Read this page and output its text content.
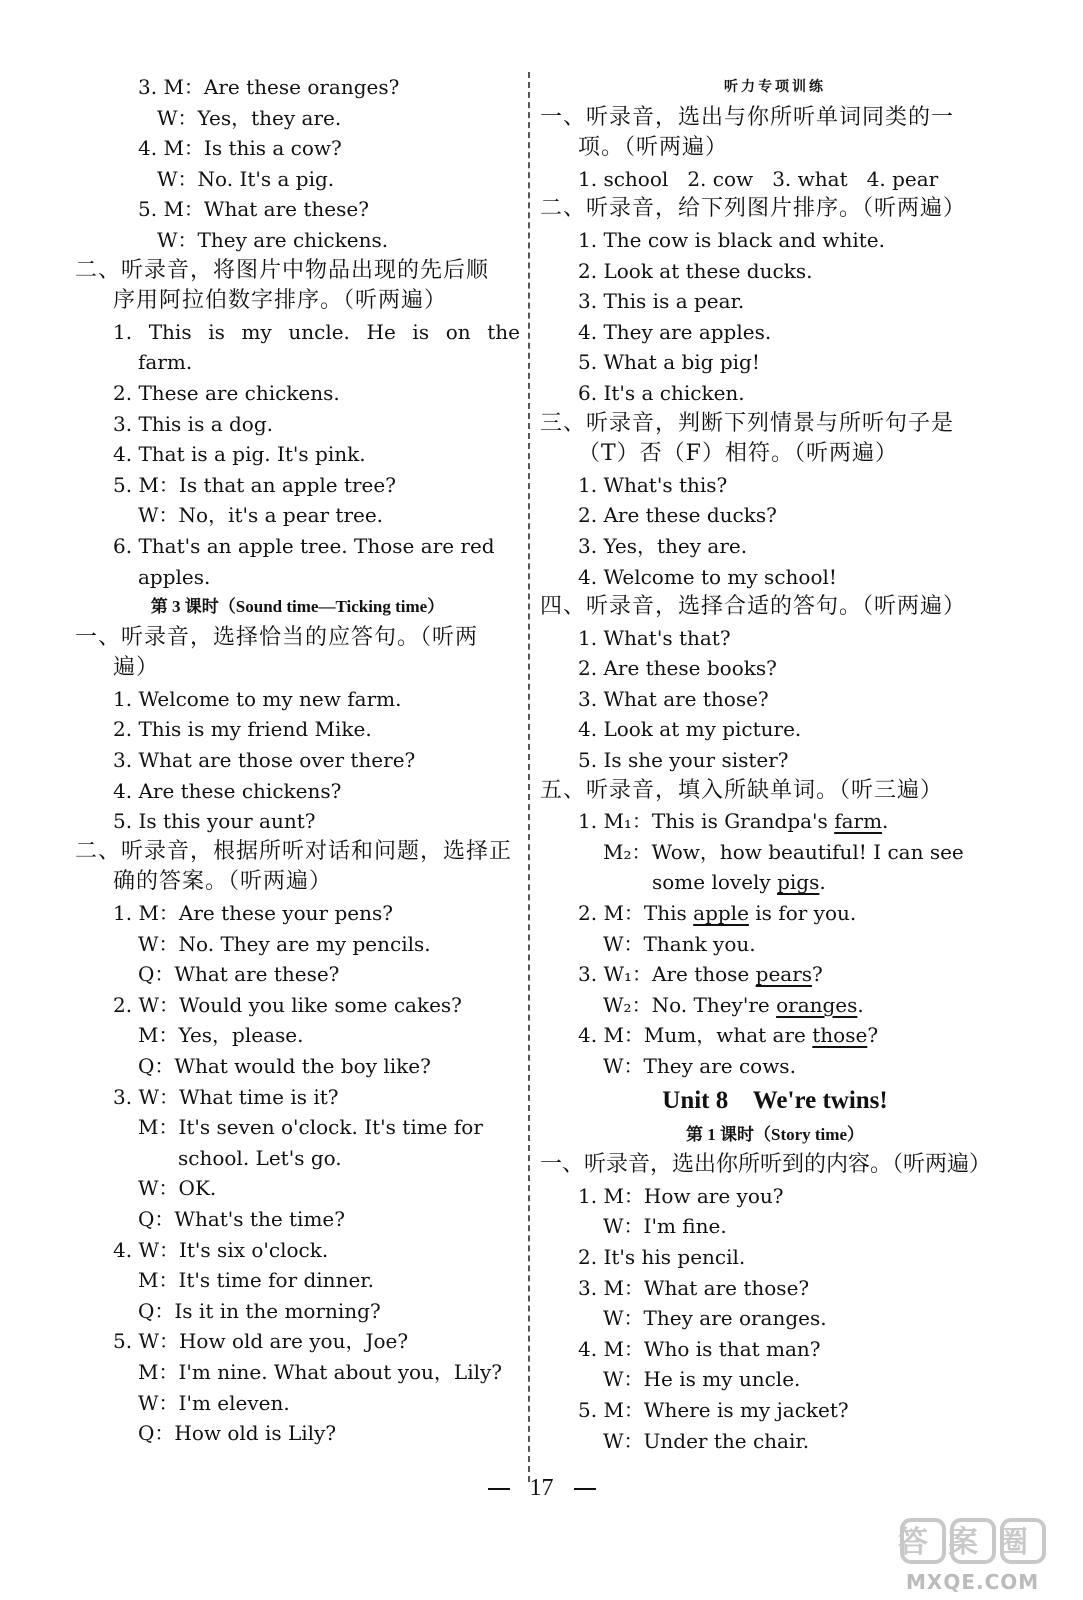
3. M：Are these oranges?
W：Yes，they are.
4. M：Is this a cow?
W：No. It's a pig.
5. M：What are these?
W：They are chickens.
二、听录音，将图片中物品出现的先后顺
序用阿拉伯数字排序。（听两遍）
1. This is my uncle. He is on the
farm.
2. These are chickens.
3. This is a dog.
4. That is a pig. It's pink.
5. M：Is that an apple tree?
W：No，it's a pear tree.
6. That's an apple tree. Those are red
apples.
第 3 课时（Sound time—Ticking time）
一、听录音，选择恰当的应答句。（听两
遍）
1. Welcome to my new farm.
2. This is my friend Mike.
3. What are those over there?
4. Are these chickens?
5. Is this your aunt?
二、听录音，根据所听对话和问题，选择正
确的答案。（听两遍）
1. M：Are these your pens?
W：No. They are my pencils.
Q：What are these?
2. W：Would you like some cakes?
M：Yes，please.
Q：What would the boy like?
3. W：What time is it?
M：It's seven o'clock. It's time for
school. Let's go.
W：OK.
Q：What's the time?
4. W：It's six o'clock.
M：It's time for dinner.
Q：Is it in the morning?
5. W：How old are you，Joe?
M：I'm nine. What about you，Lily?
W：I'm eleven.
Q：How old is Lily?
听力专项训练
一、听录音，选出与你所听单词同类的一
项。（听两遍）
1. school   2. cow   3. what   4. pear
二、听录音，给下列图片排序。（听两遍）
1. The cow is black and white.
2. Look at these ducks.
3. This is a pear.
4. They are apples.
5. What a big pig!
6. It's a chicken.
三、听录音，判断下列情景与所听句子是
（T）否（F）相符。（听两遍）
1. What's this?
2. Are these ducks?
3. Yes，they are.
4. Welcome to my school!
四、听录音，选择合适的答句。（听两遍）
1. What's that?
2. Are these books?
3. What are those?
4. Look at my picture.
5. Is she your sister?
五、听录音，填入所缺单词。（听三遍）
1. M₁：This is Grandpa's farm.
M₂：Wow，how beautiful! I can see
some lovely pigs.
2. M：This apple is for you.
W：Thank you.
3. W₁：Are those pears?
W₂：No. They're oranges.
4. M：Mum，what are those?
W：They are cows.
Unit 8    We're twins!
第 1 课时（Story time）
一、听录音，选出你所听到的内容。（听两遍）
1. M：How are you?
W：I'm fine.
2. It's his pencil.
3. M：What are those?
W：They are oranges.
4. M：Who is that man?
W：He is my uncle.
5. M：Where is my jacket?
W：Under the chair.
17
答案圈
MXQE.COM
